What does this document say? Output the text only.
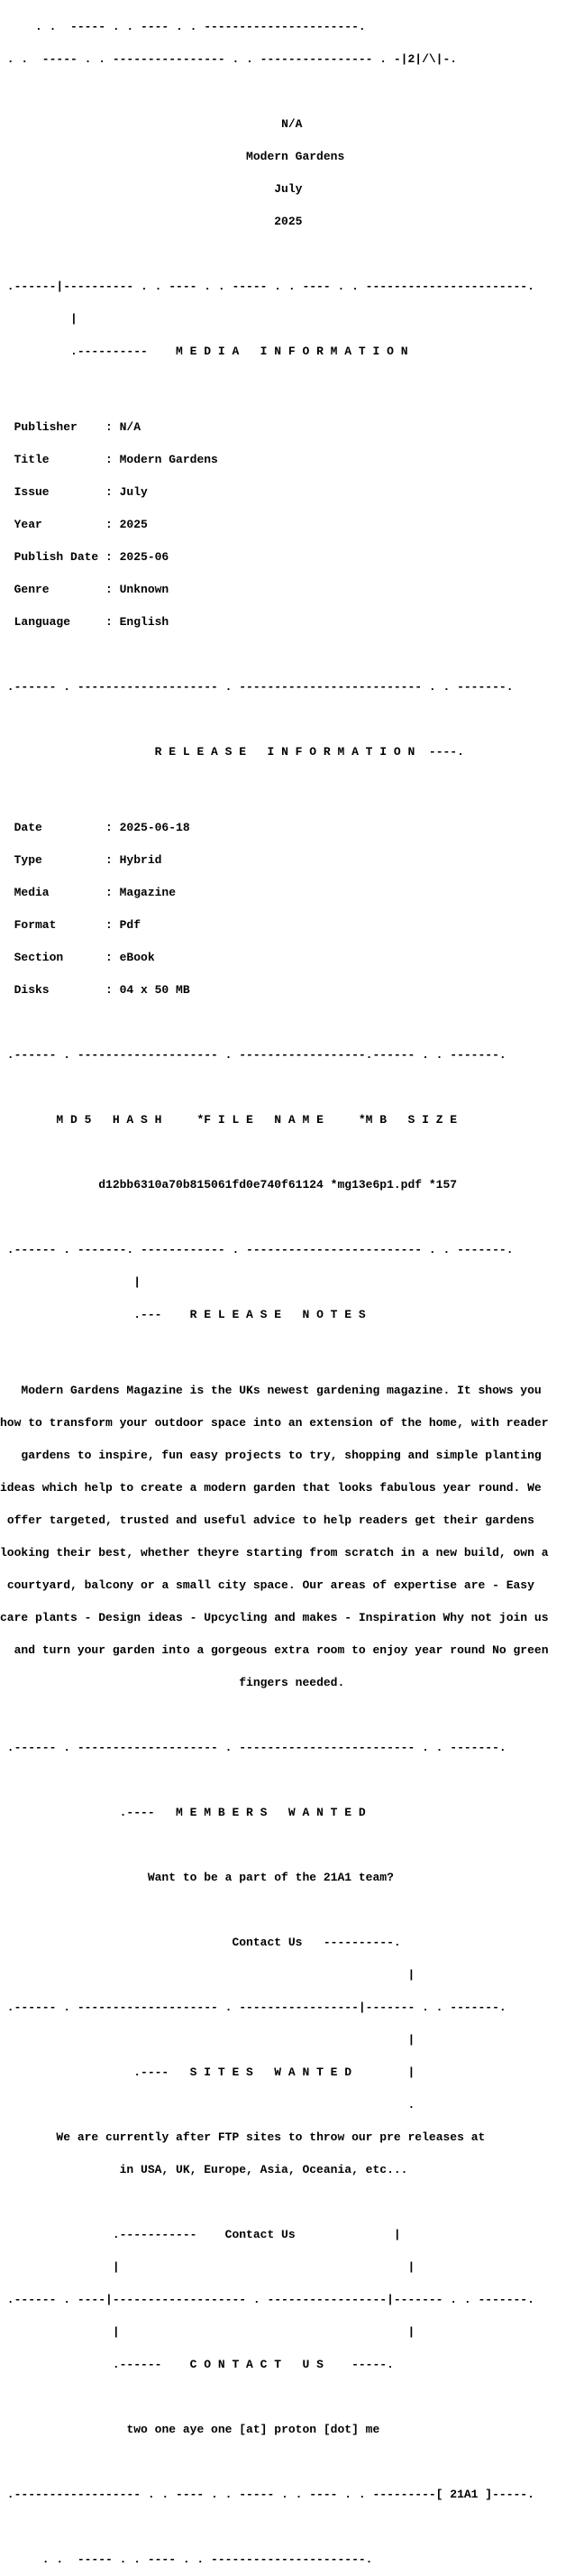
. .  ----- . . ---- . . ----------------------.

. .  ----- . . ---------------- . . ---------------- . -|2|/\|-.

N/A

Modern Gardens

July

2025

.------|---------- . . ---- . . ----- . . ---- . . -----------------------.

|

.----------    M E D I A   I N F O R M A T I O N

Publisher    : N/A

Title        : Modern Gardens

Issue        : July

Year         : 2025

Publish Date : 2025-06

Genre        : Unknown

Language     : English

.------ . -------------------- . -------------------------- . . -------.

R E L E A S E   I N F O R M A T I O N  ----.

Date         : 2025-06-18

Type         : Hybrid

Media        : Magazine

Format       : Pdf

Section      : eBook

Disks        : 04 x 50 MB

.------ . -------------------- . ------------------.------ . . -------.

M D 5   H A S H     *F I L E   N A M E     *M B   S I Z E

d12bb6310a70b815061fd0e740f61124 *mg13e6p1.pdf *157

.------ . -------. ------------ . ------------------------- . . -------.

|

.---    R E L E A S E   N O T E S

Modern Gardens Magazine is the UKs newest gardening magazine. It shows you

how to transform your outdoor space into an extension of the home, with reader

gardens to inspire, fun easy projects to try, shopping and simple planting

ideas which help to create a modern garden that looks fabulous year round. We

offer targeted, trusted and useful advice to help readers get their gardens

looking their best, whether theyre starting from scratch in a new build, own a

courtyard, balcony or a small city space. Our areas of expertise are - Easy

care plants - Design ideas - Upcycling and makes - Inspiration Why not join us

and turn your garden into a gorgeous extra room to enjoy year round No green

fingers needed.

.------ . -------------------- . ------------------------- . . -------.

.----   M E M B E R S   W A N T E D

Want to be a part of the 21A1 team?

Contact Us   ----------.

|

.------ . -------------------- . -----------------|------- . . -------.

|

.----   S I T E S   W A N T E D        |

.

We are currently after FTP sites to throw our pre releases at

in USA, UK, Europe, Asia, Oceania, etc...

.-----------    Contact Us              |

|                                         |

.------ . ----|------------------- . -----------------|------- . . -------.

|                                         |

.------    C O N T A C T   U S    -----.

two one aye one [at] proton [dot] me

.------------------ . . ---- . . ----- . . ---- . . ---------[ 21A1 ]-----.

. .  ----- . . ---- . . ----------------------.
